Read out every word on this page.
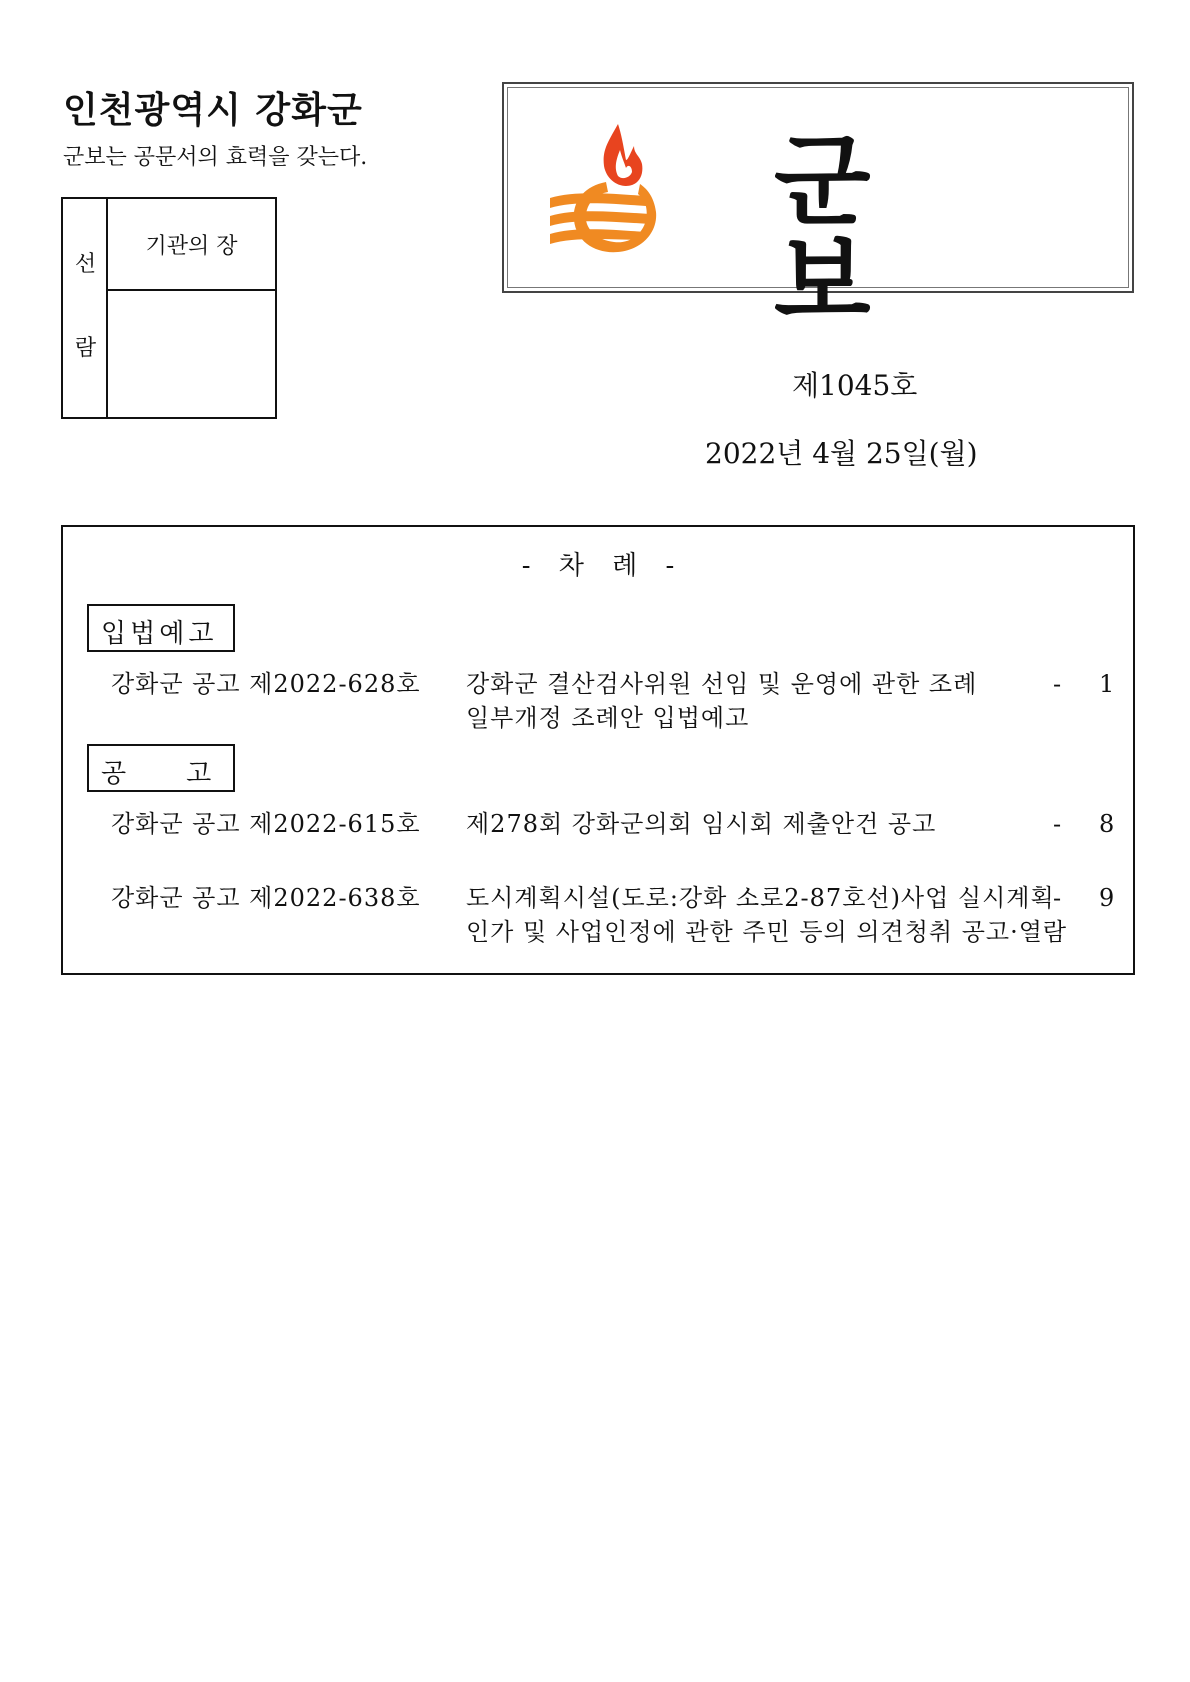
인천광역시 강화군
군보는 공문서의 효력을 갖는다.
선
람
기관의 장
군보
제1045호
2022년 4월 25일(월)
- 차 례 -
입법예고
강화군 공고 제2022-628호 강화군 결산검사위원 선임 및 운영에 관한 조례
일부개정 조례안 입법예고
- 1
공 고
강화군 공고 제2022-615호 제278회 강화군의회 임시회 제출안건 공고	- 8
강화군 공고 제2022-638호 도시계획시설(도로:강화 소로2-87호선)사업 실시계획
인가 및 사업인정에 관한 주민 등의 의견청취 공고·열람
- 9
